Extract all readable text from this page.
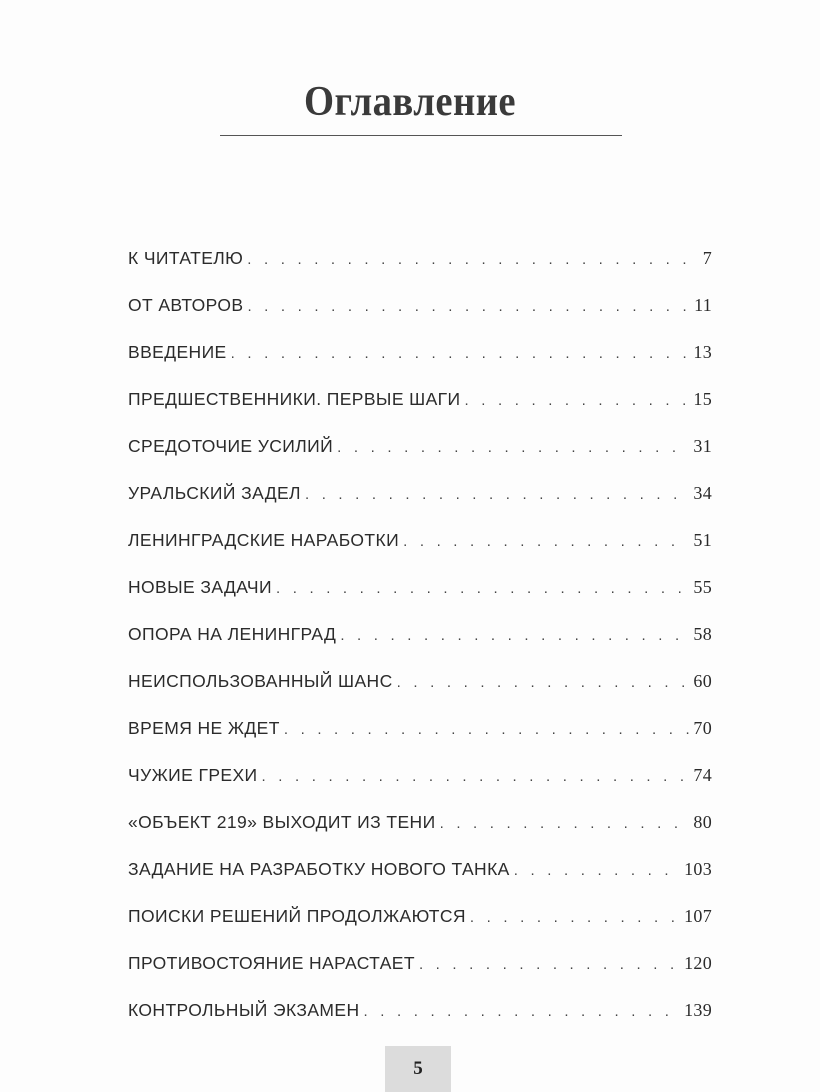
Оглавление
К ЧИТАТЕЛЮ . . .	7
ОТ АВТОРОВ . . .	11
ВВЕДЕНИЕ . . .	13
ПРЕДШЕСТВЕННИКИ. ПЕРВЫЕ ШАГИ . . .	15
СРЕДОТОЧИЕ УСИЛИЙ . . .	31
УРАЛЬСКИЙ ЗАДЕЛ . . .	34
ЛЕНИНГРАДСКИЕ НАРАБОТКИ . . .	51
НОВЫЕ ЗАДАЧИ . . .	55
ОПОРА НА ЛЕНИНГРАД . . .	58
НЕИСПОЛЬЗОВАННЫЙ ШАНС . . .	60
ВРЕМЯ НЕ ЖДЕТ . . .	70
ЧУЖИЕ ГРЕХИ . . .	74
«ОБЪЕКТ 219» ВЫХОДИТ ИЗ ТЕНИ . . .	80
ЗАДАНИЕ НА РАЗРАБОТКУ НОВОГО ТАНКА . . .	103
ПОИСКИ РЕШЕНИЙ ПРОДОЛЖАЮТСЯ . . .	107
ПРОТИВОСТОЯНИЕ НАРАСТАЕТ . . .	120
КОНТРОЛЬНЫЙ ЭКЗАМЕН . . .	139
5
